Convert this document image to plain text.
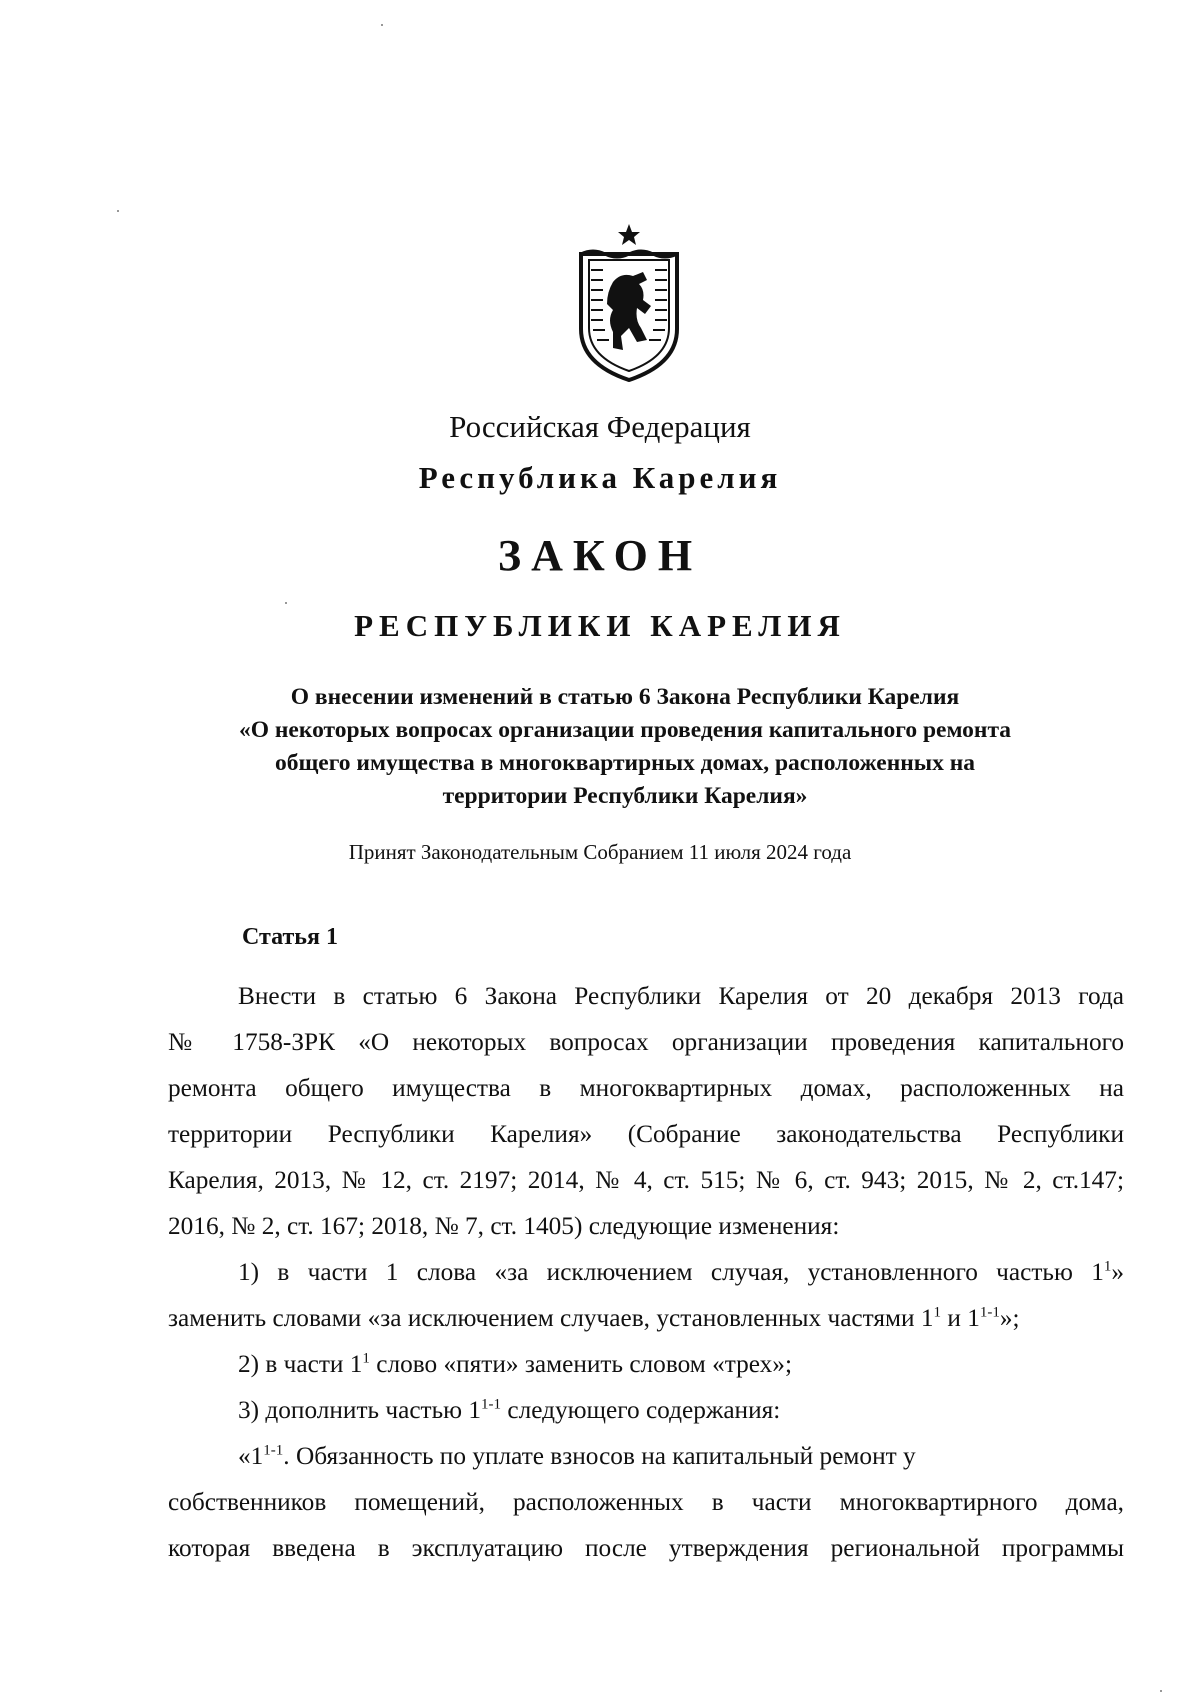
Российская Федерация
Республика Карелия
ЗАКОН
РЕСПУБЛИКИ КАРЕЛИЯ
О внесении изменений в статью 6 Закона Республики Карелия
«О некоторых вопросах организации проведения капитального ремонта
общего имущества в многоквартирных домах, расположенных на
территории Республики Карелия»
Принят Законодательным Собранием 11 июля 2024 года
Статья 1
Внести в статью 6 Закона Республики Карелия от 20 декабря 2013 года
№ 1758-ЗРК «О некоторых вопросах организации проведения капитального
ремонта общего имущества в многоквартирных домах, расположенных на
территории Республики Карелия» (Собрание законодательства Республики
Карелия, 2013, № 12, ст. 2197; 2014, № 4, ст. 515; № 6, ст. 943; 2015, № 2, ст.147;
2016, № 2, ст. 167; 2018, № 7, ст. 1405) следующие изменения:
1) в части 1 слова «за исключением случая, установленного частью $1^1$»
заменить словами «за исключением случаев, установленных частями $1^1$ и 1$^{1-1}$»;
2) в части $1^1$ слово «пяти» заменить словом «трех»;
3) дополнить частью 1$^{1-1}$ следующего содержания:
«1$^{1-1}$. Обязанность по уплате взносов на капитальный ремонт у
собственников помещений, расположенных в части многоквартирного дома,
которая введена в эксплуатацию после утверждения региональной программы
